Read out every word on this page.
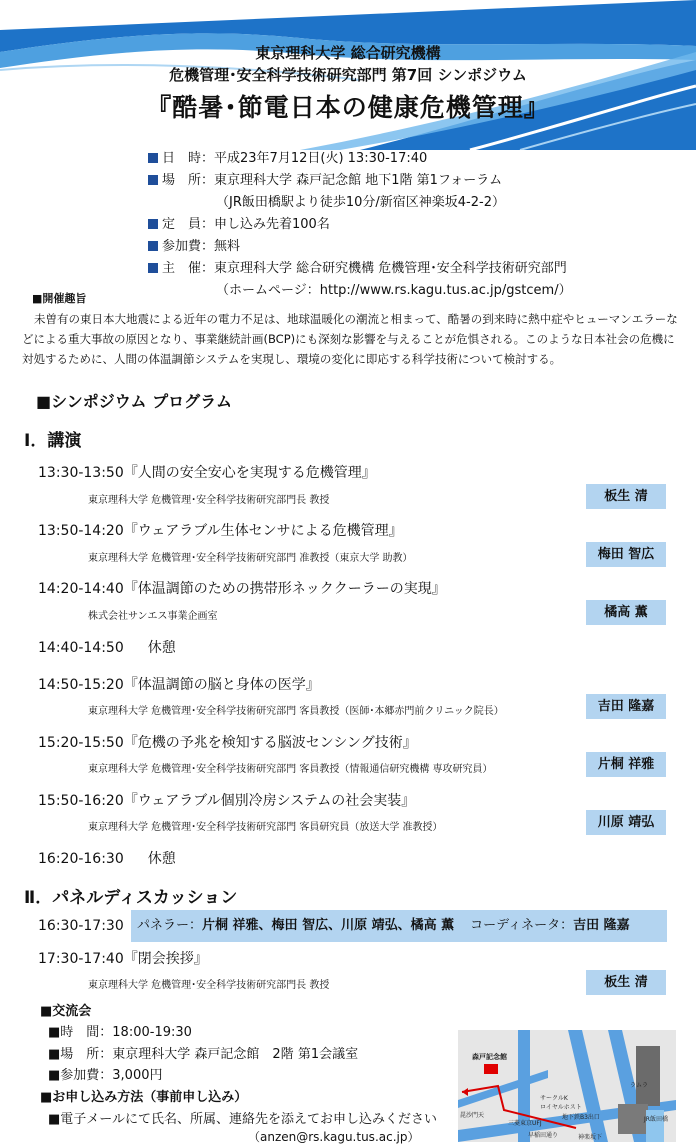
東京理科大学 総合研究機構
危機管理･安全科学技術研究部門 第7回 シンポジウム
『酷暑･節電日本の健康危機管理』
日　時：平成23年7月12日(火) 13:30-17:40
場　所：東京理科大学 森戸記念館 地下1階 第1フォーラム
（JR飯田橋駅より徒歩10分/新宿区神楽坂4-2-2）
定　員：申し込み先着100名
参加費：無料
主　催：東京理科大学 総合研究機構 危機管理･安全科学技術研究部門
（ホームページ：http://www.rs.kagu.tus.ac.jp/gstcem/）
■開催趣旨
未曽有の東日本大地震による近年の電力不足は、地球温暖化の潮流と相まって、酷暑の到来時に熱中症やヒューマンエラーなどによる重大事故の原因となり、事業継続計画(BCP)にも深刻な影響を与えることが危惧される。このような日本社会の危機に対処するために、人間の体温調節システムを実現し、環境の変化に即応する科学技術について検討する。
■シンポジウム プログラム
Ⅰ．講演
13:30-13:50『人間の安全安心を実現する危機管理』
東京理科大学 危機管理･安全科学技術研究部門長 教授	板生 清
13:50-14:20『ウェアラブル生体センサによる危機管理』
東京理科大学 危機管理･安全科学技術研究部門 准教授（東京大学 助教）	梅田 智広
14:20-14:40『体温調節のための携帯形ネッククーラーの実現』
株式会社サンエス事業企画室	橘高 薫
14:40-14:50 休憩
14:50-15:20『体温調節の脳と身体の医学』
東京理科大学 危機管理･安全科学技術研究部門 客員教授（医師･本郷赤門前クリニック院長）	吉田 隆嘉
15:20-15:50『危機の予兆を検知する脳波センシング技術』
東京理科大学 危機管理･安全科学技術研究部門 客員教授（情報通信研究機構 専攻研究員）	片桐 祥雅
15:50-16:20『ウェアラブル個別冷房システムの社会実装』
東京理科大学 危機管理･安全科学技術研究部門 客員研究員（放送大学 准教授）	川原 靖弘
16:20-16:30 休憩
Ⅱ．パネルディスカッション
16:30-17:30	パネラー：片桐 祥雅、梅田 智広、川原 靖弘、橘高 薫 コーディネータ：吉田 隆嘉
17:30-17:40『閉会挨拶』
東京理科大学 危機管理･安全科学技術研究部門長 教授	板生 清
■交流会
■時　間：18:00-19:30
■場　所：東京理科大学 森戸記念館　2階 第1会議室
■参加費：3,000円
■お申し込み方法（事前申し込み）
■電子メールにて氏名、所属、連絡先を添えてお申し込みください
（anzen@rs.kagu.tus.ac.jp）
森戸記念館
サークルK
ロイヤルホスト
地下鉄B3出口
毘沙門天
三菱東京UFJ
早稲田通り	神楽坂下
ラムラ
JR飯田橋
